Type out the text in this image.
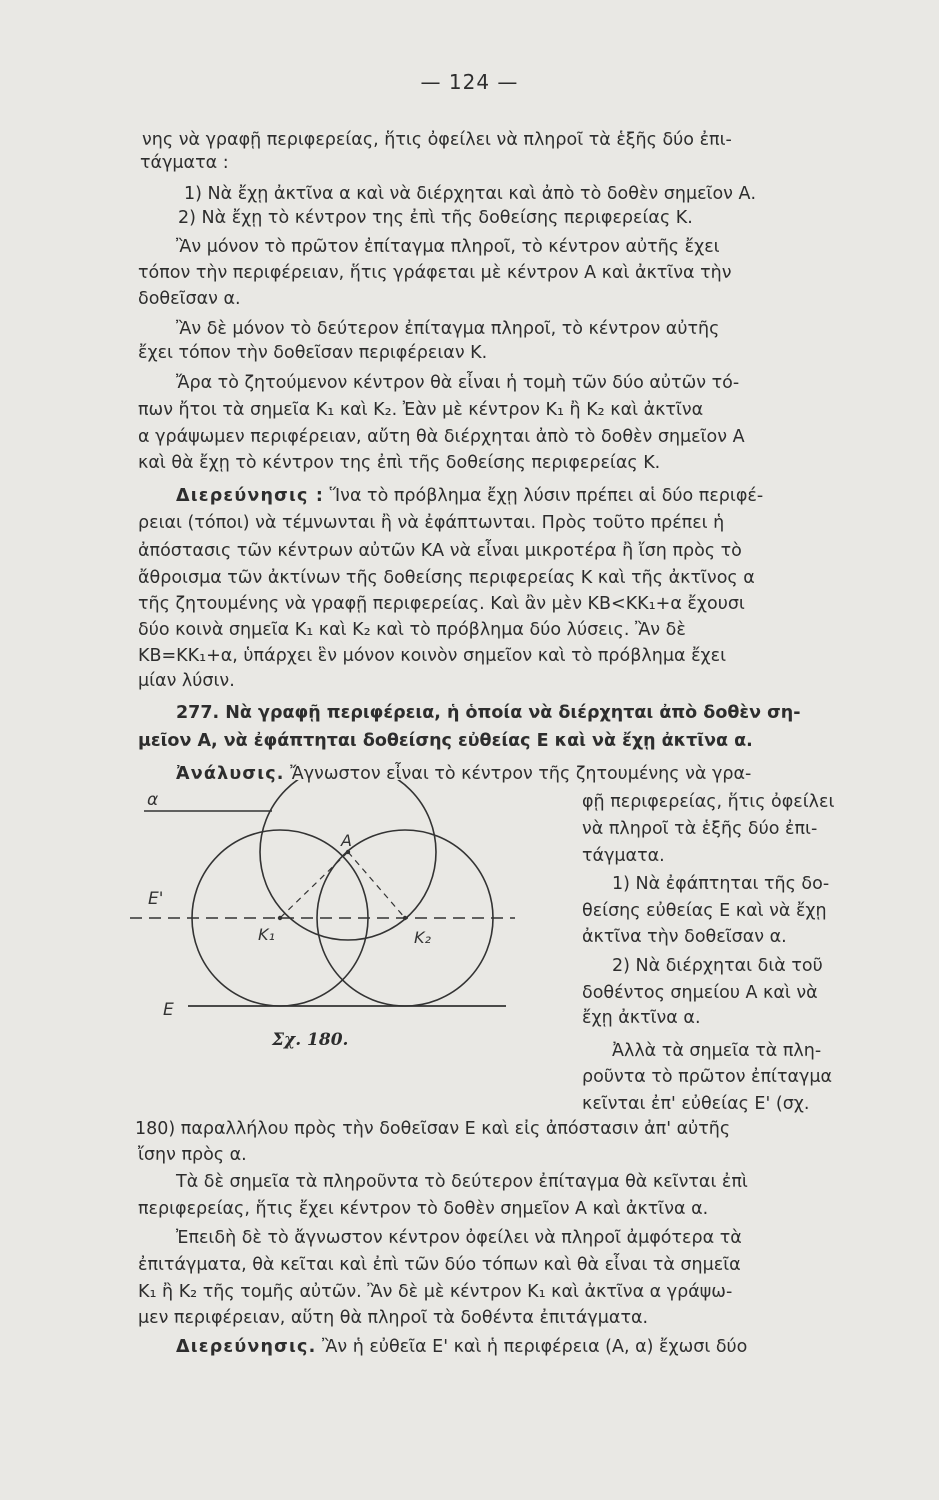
— 124 —
νης νὰ γραφῇ περιφερείας, ἥτις ὀφείλει νὰ πληροῖ τὰ ἑξῆς δύο ἐπι-
τάγματα :
1) Νὰ ἔχῃ ἀκτῖνα α καὶ νὰ διέρχηται καὶ ἀπὸ τὸ δοθὲν σημεῖον Α.
2) Νὰ ἔχῃ τὸ κέντρον της ἐπὶ τῆς δοθείσης περιφερείας Κ.
Ἂν μόνον τὸ πρῶτον ἐπίταγμα πληροῖ, τὸ κέντρον αὐτῆς ἔχει
τόπον τὴν περιφέρειαν, ἥτις γράφεται μὲ κέντρον Α καὶ ἀκτῖνα τὴν
δοθεῖσαν α.
Ἂν δὲ μόνον τὸ δεύτερον ἐπίταγμα πληροῖ, τὸ κέντρον αὐτῆς
ἔχει τόπον τὴν δοθεῖσαν περιφέρειαν Κ.
Ἄρα τὸ ζητούμενον κέντρον θὰ εἶναι ἡ τομὴ τῶν δύο αὐτῶν τό-
πων ἤτοι τὰ σημεῖα Κ₁ καὶ Κ₂. Ἐὰν μὲ κέντρον Κ₁ ἢ Κ₂ καὶ ἀκτῖνα
α γράψωμεν περιφέρειαν, αὔτη θὰ διέρχηται ἀπὸ τὸ δοθὲν σημεῖον Α
καὶ θὰ ἔχῃ τὸ κέντρον της ἐπὶ τῆς δοθείσης περιφερείας Κ.
Διερεύνησις : Ἵνα τὸ πρόβλημα ἔχῃ λύσιν πρέπει αἱ δύο περιφέ-
ρειαι (τόποι) νὰ τέμνωνται ἢ νὰ ἐφάπτωνται. Πρὸς τοῦτο πρέπει ἡ
ἀπόστασις τῶν κέντρων αὐτῶν ΚΑ νὰ εἶναι μικροτέρα ἢ ἴση πρὸς τὸ
ἄθροισμα τῶν ἀκτίνων τῆς δοθείσης περιφερείας Κ καὶ τῆς ἀκτῖνος α
τῆς ζητουμένης νὰ γραφῇ περιφερείας. Καὶ ἂν μὲν ΚΒ<ΚΚ₁+α ἔχουσι
δύο κοινὰ σημεῖα Κ₁ καὶ Κ₂ καὶ τὸ πρόβλημα δύο λύσεις. Ἂν δὲ
ΚΒ=ΚΚ₁+α, ὑπάρχει ἓν μόνον κοινὸν σημεῖον καὶ τὸ πρόβλημα ἔχει
μίαν λύσιν.
277. Νὰ γραφῇ περιφέρεια, ἡ ὁποία νὰ διέρχηται ἀπὸ δοθὲν ση-
μεῖον Α, νὰ ἐφάπτηται δοθείσης εὐθείας Ε καὶ νὰ ἔχῃ ἀκτῖνα α.
Ἀνάλυσις. Ἄγνωστον εἶναι τὸ κέντρον τῆς ζητουμένης νὰ γρα-
φῇ περιφερείας, ἥτις ὀφείλει
νὰ πληροῖ τὰ ἑξῆς δύο ἐπι-
τάγματα.
1) Νὰ ἐφάπτηται τῆς δο-
θείσης εὐθείας Ε καὶ νὰ ἔχῃ
ἀκτῖνα τὴν δοθεῖσαν α.
2) Νὰ διέρχηται διὰ τοῦ
δοθέντος σημείου Α καὶ νὰ
ἔχῃ ἀκτῖνα α.
Ἀλλὰ τὰ σημεῖα τὰ πλη-
ροῦντα τὸ πρῶτον ἐπίταγμα
κεῖνται ἐπ' εὐθείας Ε' (σχ.
α
Α
Ε'
Ε
Κ₁	Κ₂
Σχ. 180.
180) παραλλήλου πρὸς τὴν δοθεῖσαν Ε καὶ εἰς ἀπόστασιν ἀπ' αὐτῆς
ἴσην πρὸς α.
Τὰ δὲ σημεῖα τὰ πληροῦντα τὸ δεύτερον ἐπίταγμα θὰ κεῖνται ἐπὶ
περιφερείας, ἥτις ἔχει κέντρον τὸ δοθὲν σημεῖον Α καὶ ἀκτῖνα α.
Ἐπειδὴ δὲ τὸ ἄγνωστον κέντρον ὀφείλει νὰ πληροῖ ἀμφότερα τὰ
ἐπιτάγματα, θὰ κεῖται καὶ ἐπὶ τῶν δύο τόπων καὶ θὰ εἶναι τὰ σημεῖα
Κ₁ ἢ Κ₂ τῆς τομῆς αὐτῶν. Ἂν δὲ μὲ κέντρον Κ₁ καὶ ἀκτῖνα α γράψω-
μεν περιφέρειαν, αὕτη θὰ πληροῖ τὰ δοθέντα ἐπιτάγματα.
Διερεύνησις. Ἂν ἡ εὐθεῖα Ε' καὶ ἡ περιφέρεια (Α, α) ἔχωσι δύο
